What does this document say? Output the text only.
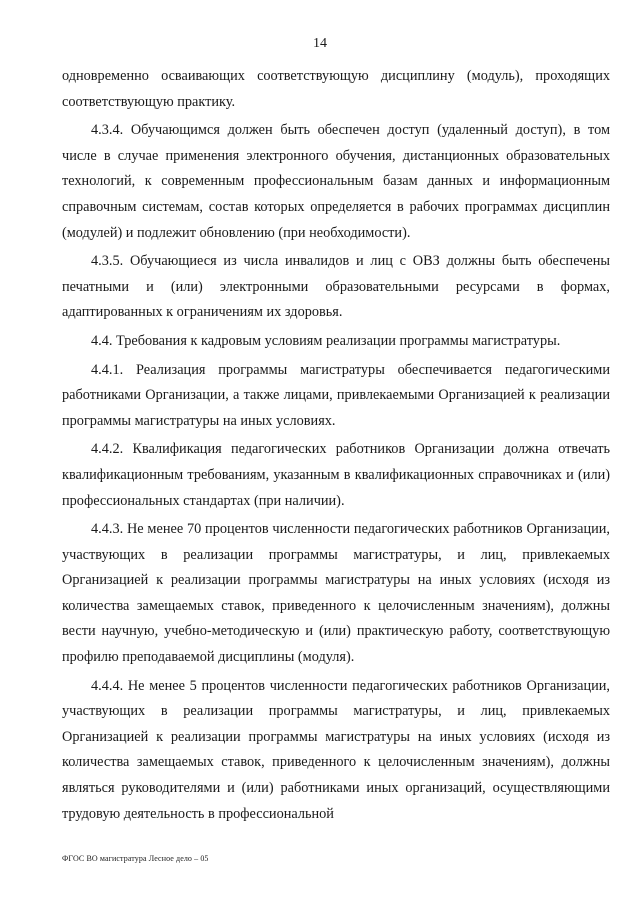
14

одновременно осваивающих соответствующую дисциплину (модуль), проходящих соответствующую практику.

4.3.4. Обучающимся должен быть обеспечен доступ (удаленный доступ), в том числе в случае применения электронного обучения, дистанционных образовательных технологий, к современным профессиональным базам данных и информационным справочным системам, состав которых определяется в рабочих программах дисциплин (модулей) и подлежит обновлению (при необходимости).

4.3.5. Обучающиеся из числа инвалидов и лиц с ОВЗ должны быть обеспечены печатными и (или) электронными образовательными ресурсами в формах, адаптированных к ограничениям их здоровья.

4.4. Требования к кадровым условиям реализации программы магистратуры.

4.4.1. Реализация программы магистратуры обеспечивается педагогическими работниками Организации, а также лицами, привлекаемыми Организацией к реализации программы магистратуры на иных условиях.

4.4.2. Квалификация педагогических работников Организации должна отвечать квалификационным требованиям, указанным в квалификационных справочниках и (или) профессиональных стандартах (при наличии).

4.4.3. Не менее 70 процентов численности педагогических работников Организации, участвующих в реализации программы магистратуры, и лиц, привлекаемых Организацией к реализации программы магистратуры на иных условиях (исходя из количества замещаемых ставок, приведенного к целочисленным значениям), должны вести научную, учебно-методическую и (или) практическую работу, соответствующую профилю преподаваемой дисциплины (модуля).

4.4.4. Не менее 5 процентов численности педагогических работников Организации, участвующих в реализации программы магистратуры, и лиц, привлекаемых Организацией к реализации программы магистратуры на иных условиях (исходя из количества замещаемых ставок, приведенного к целочисленным значениям), должны являться руководителями и (или) работниками иных организаций, осуществляющими трудовую деятельность в профессиональной

ФГОС ВО магистратура Лесное дело – 05
